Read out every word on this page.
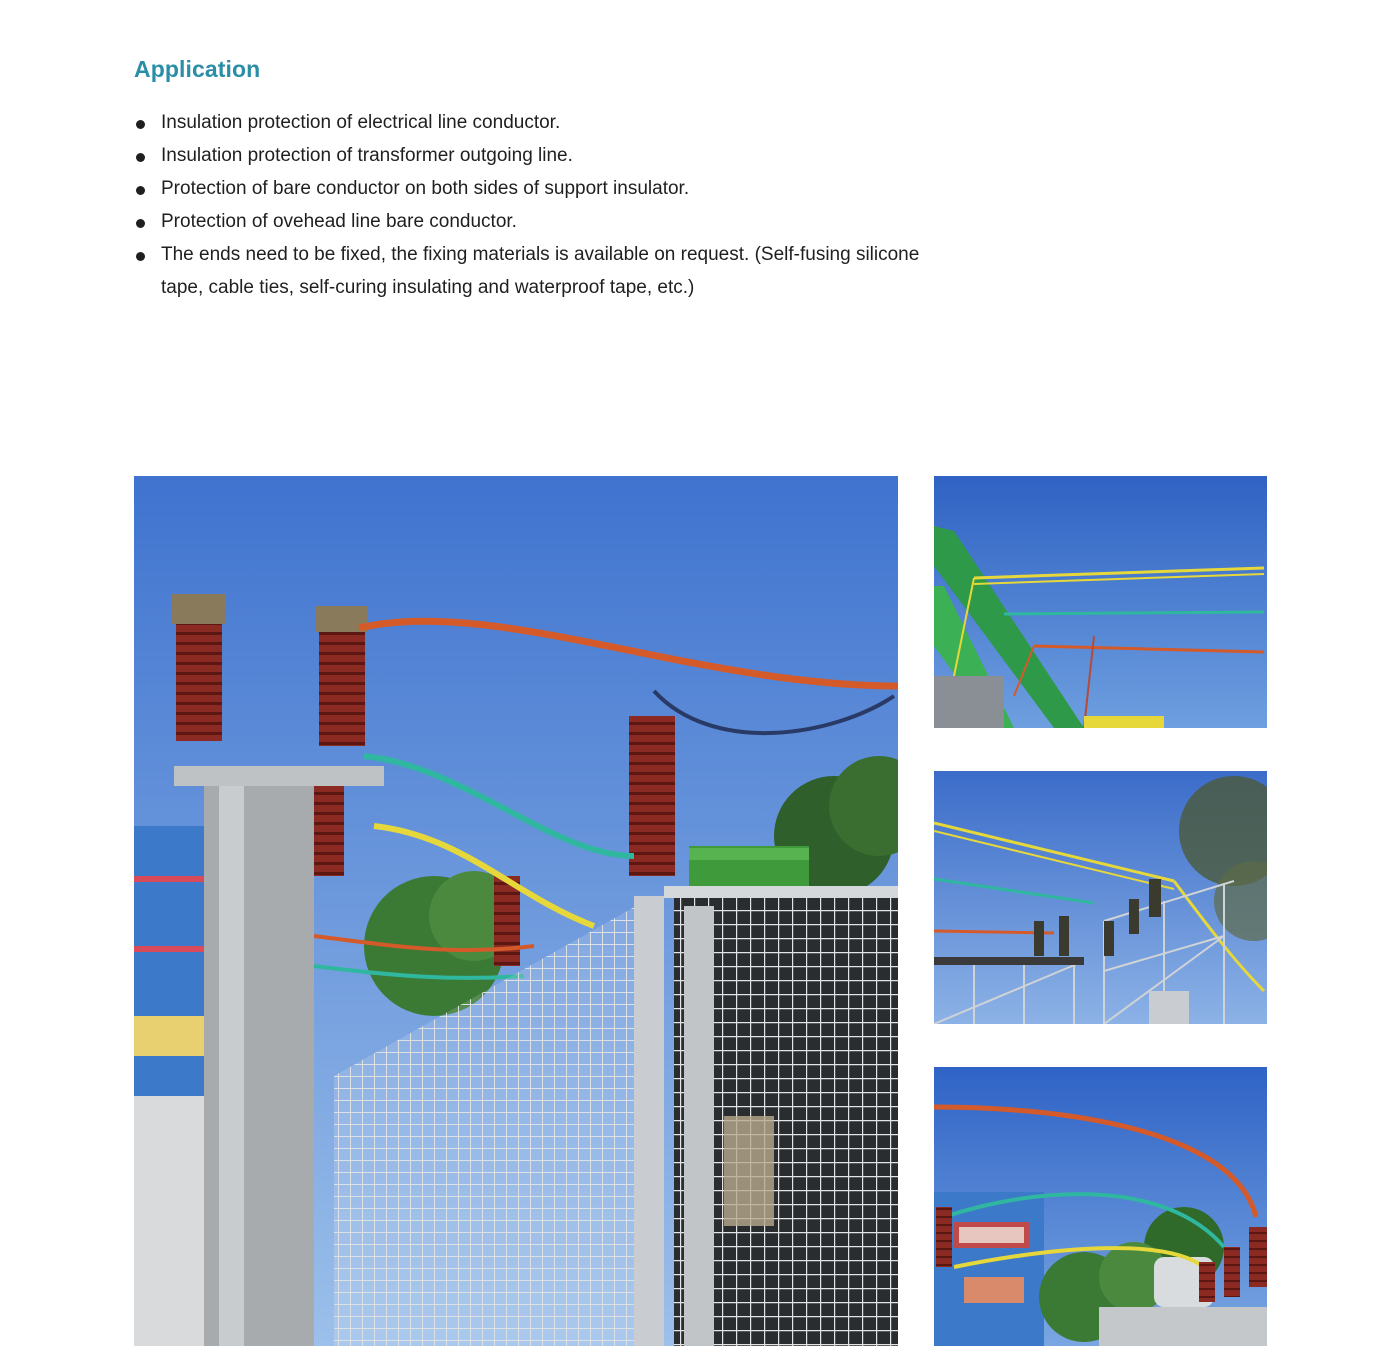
Application
Insulation protection of electrical line conductor.
Insulation protection of transformer outgoing line.
Protection of bare conductor on both sides of support insulator.
Protection of ovehead line bare conductor.
The ends need to be fixed, the fixing materials is available on request. (Self-fusing silicone tape, cable ties, self-curing insulating and waterproof tape, etc.)
